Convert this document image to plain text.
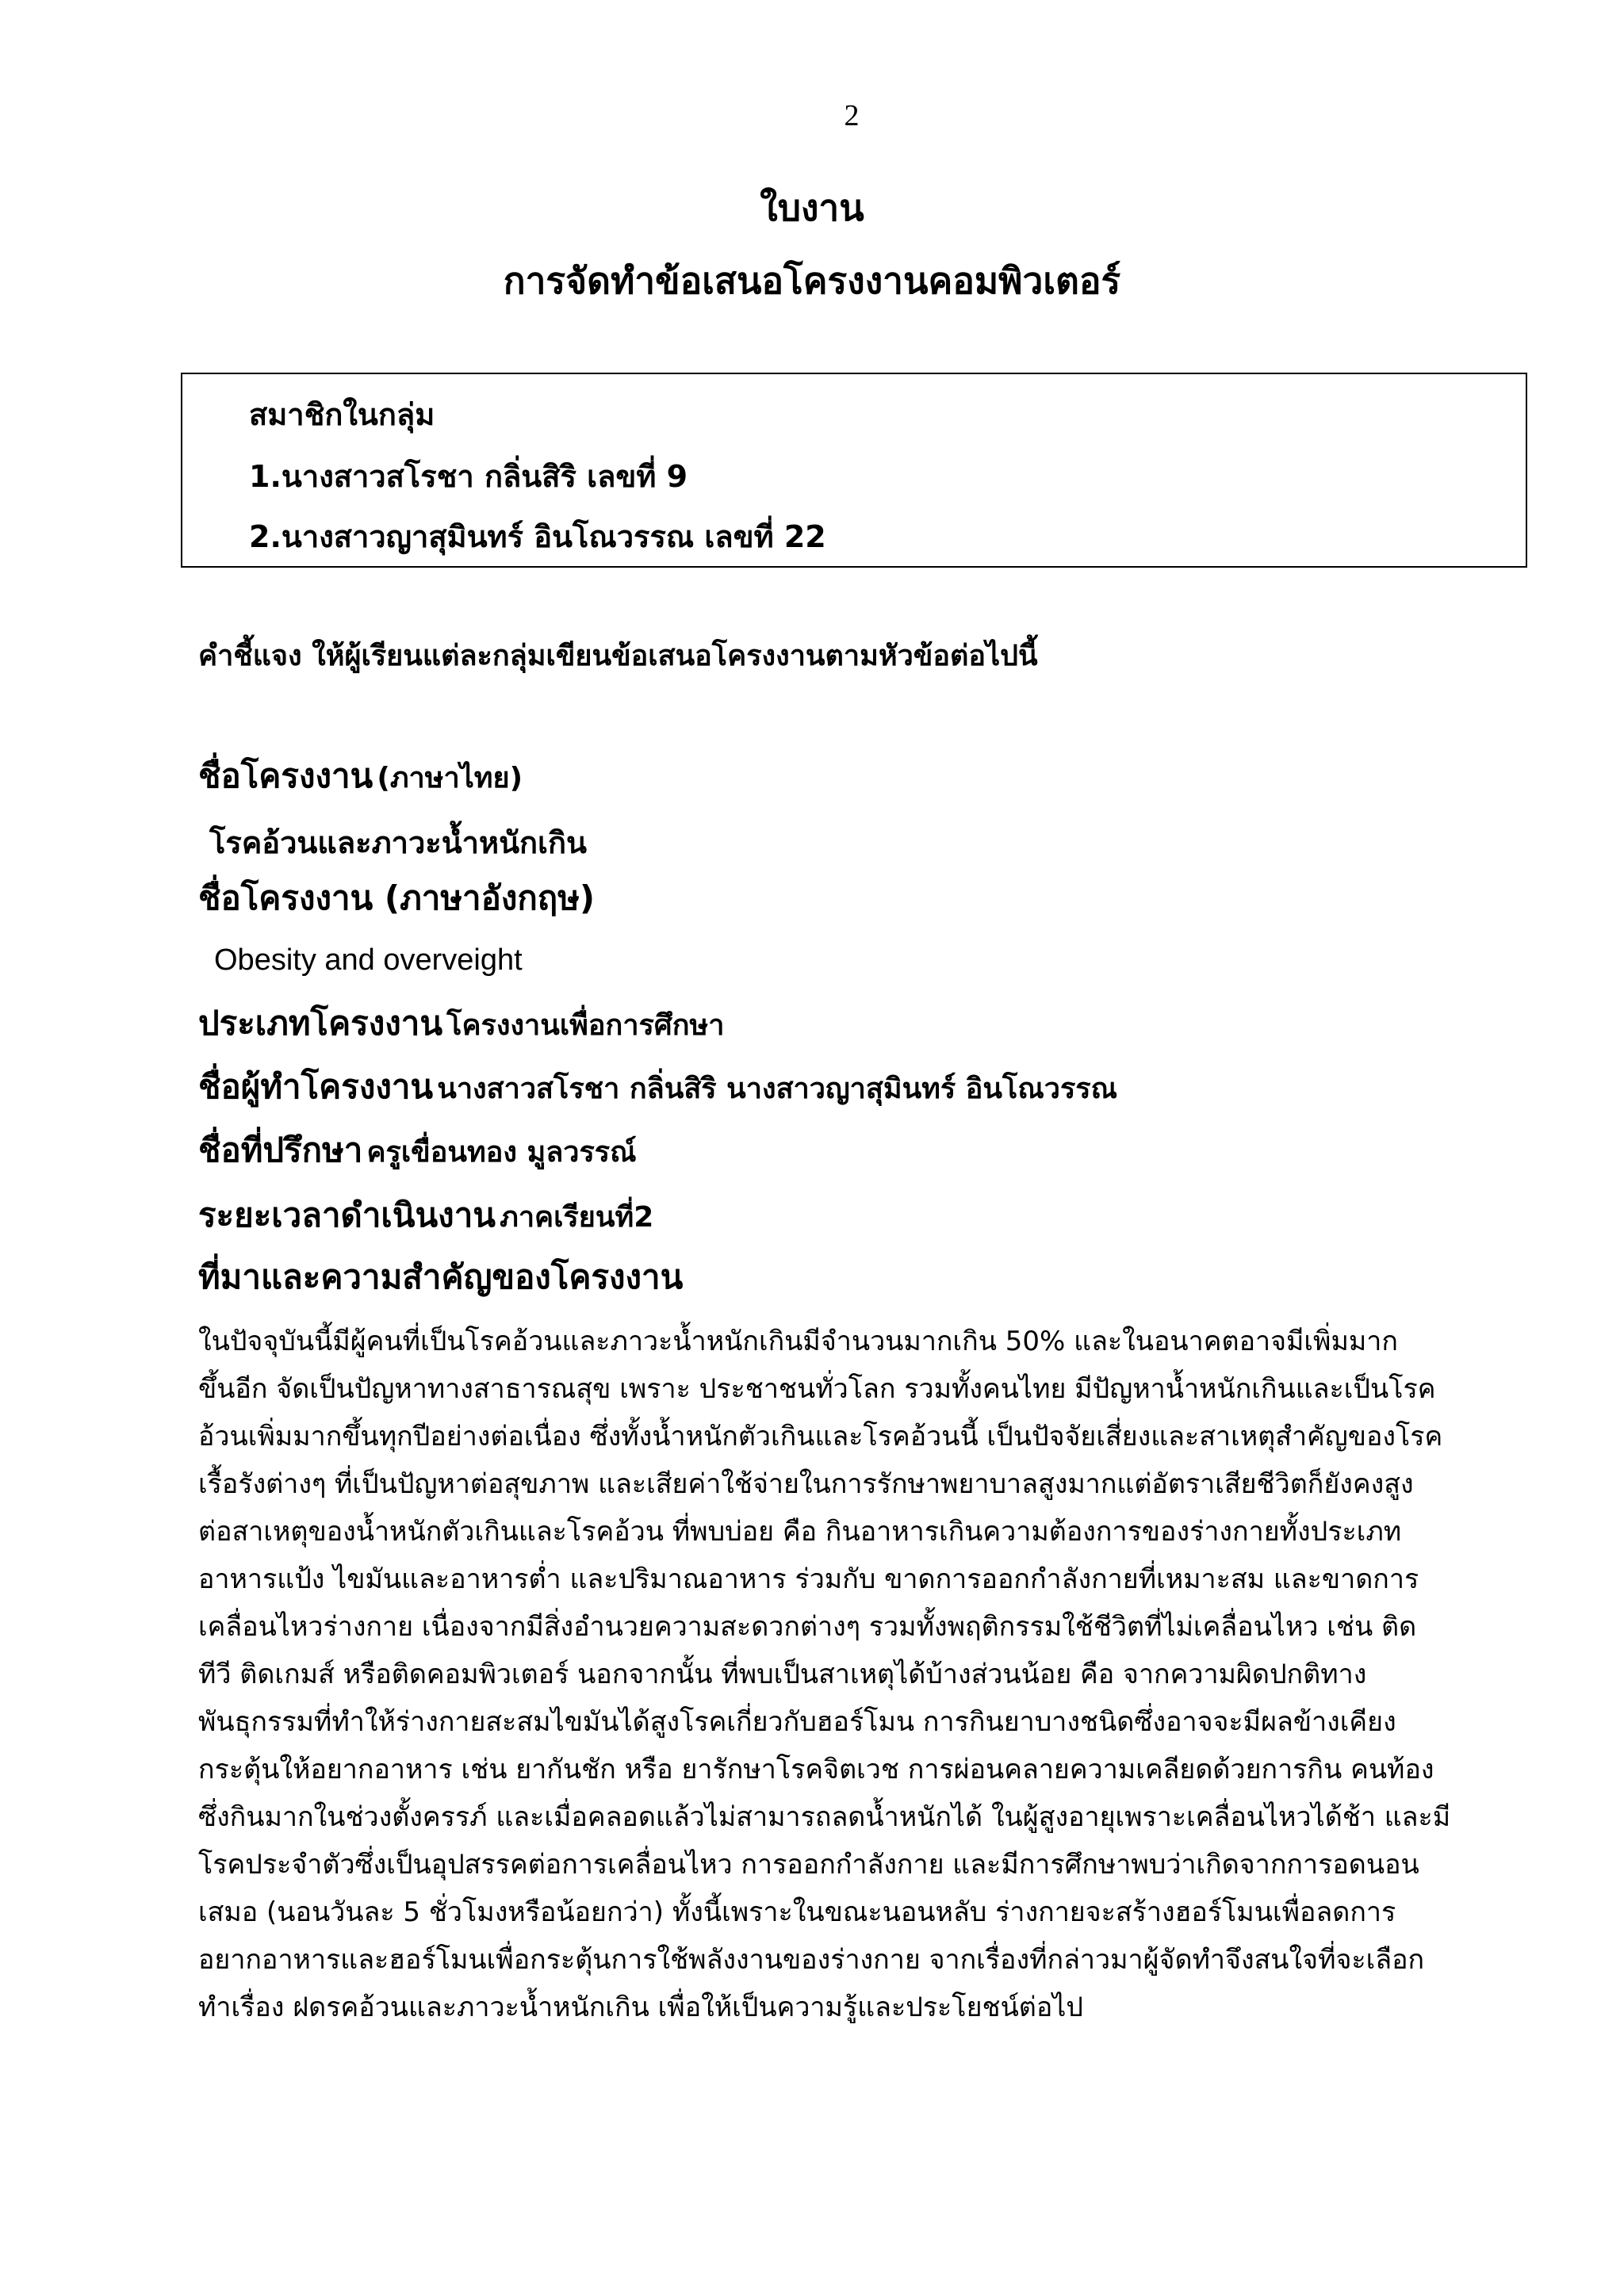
2
ใบงาน
การจัดทำข้อเสนอโครงงานคอมพิวเตอร์
สมาชิกในกลุ่ม
1.นางสาวสโรชา กลิ่นสิริ เลขที่ 9
2.นางสาวญาสุมินทร์ อินโณวรรณ เลขที่ 22
คำชี้แจง ให้ผู้เรียนแต่ละกลุ่มเขียนข้อเสนอโครงงานตามหัวข้อต่อไปนี้
ชื่อโครงงาน (ภาษาไทย)
โรคอ้วนและภาวะน้ำหนักเกิน
ชื่อโครงงาน (ภาษาอังกฤษ)
Obesity and overveight
ประเภทโครงงาน โครงงานเพื่อการศึกษา
ชื่อผู้ทำโครงงาน นางสาวสโรชา กลิ่นสิริ นางสาวญาสุมินทร์ อินโณวรรณ
ชื่อที่ปรึกษา ครูเขื่อนทอง มูลวรรณ์
ระยะเวลาดำเนินงาน ภาคเรียนที่2
ที่มาและความสำคัญของโครงงาน
ในปัจจุบันนี้มีผู้คนที่เป็นโรคอ้วนและภาวะน้ำหนักเกินมีจำนวนมากเกิน 50% และในอนาคตอาจมีเพิ่มมาก
ขึ้นอีก จัดเป็นปัญหาทางสาธารณสุข เพราะ ประชาชนทั่วโลก รวมทั้งคนไทย มีปัญหาน้ำหนักเกินและเป็นโรค
อ้วนเพิ่มมากขึ้นทุกปีอย่างต่อเนื่อง ซึ่งทั้งน้ำหนักตัวเกินและโรคอ้วนนี้ เป็นปัจจัยเสี่ยงและสาเหตุสำคัญของโรค
เรื้อรังต่างๆ ที่เป็นปัญหาต่อสุขภาพ และเสียค่าใช้จ่ายในการรักษาพยาบาลสูงมากแต่อัตราเสียชีวิตก็ยังคงสูง
ต่อสาเหตุของน้ำหนักตัวเกินและโรคอ้วน ที่พบบ่อย คือ กินอาหารเกินความต้องการของร่างกายทั้งประเภท
อาหารแป้ง ไขมันและอาหารต่ำ และปริมาณอาหาร ร่วมกับ ขาดการออกกำลังกายที่เหมาะสม และขาดการ
เคลื่อนไหวร่างกาย เนื่องจากมีสิ่งอำนวยความสะดวกต่างๆ รวมทั้งพฤติกรรมใช้ชีวิตที่ไม่เคลื่อนไหว เช่น ติด
ทีวี ติดเกมส์ หรือติดคอมพิวเตอร์ นอกจากนั้น ที่พบเป็นสาเหตุได้บ้างส่วนน้อย คือ จากความผิดปกติทาง
พันธุกรรมที่ทำให้ร่างกายสะสมไขมันได้สูงโรคเกี่ยวกับฮอร์โมน การกินยาบางชนิดซึ่งอาจจะมีผลข้างเคียง
กระตุ้นให้อยากอาหาร เช่น ยากันชัก หรือ ยารักษาโรคจิตเวช การผ่อนคลายความเคลียดด้วยการกิน คนท้อง
ซึ่งกินมากในช่วงตั้งครรภ์ และเมื่อคลอดแล้วไม่สามารถลดน้ำหนักได้ ในผู้สูงอายุเพราะเคลื่อนไหวได้ช้า และมี
โรคประจำตัวซึ่งเป็นอุปสรรคต่อการเคลื่อนไหว การออกกำลังกาย และมีการศึกษาพบว่าเกิดจากการอดนอน
เสมอ (นอนวันละ 5 ชั่วโมงหรือน้อยกว่า) ทั้งนี้เพราะในขณะนอนหลับ ร่างกายจะสร้างฮอร์โมนเพื่อลดการ
อยากอาหารและฮอร์โมนเพื่อกระตุ้นการใช้พลังงานของร่างกาย จากเรื่องที่กล่าวมาผู้จัดทำจึงสนใจที่จะเลือก
ทำเรื่อง ฝดรคอ้วนและภาวะน้ำหนักเกิน เพื่อให้เป็นความรู้และประโยชน์ต่อไป
